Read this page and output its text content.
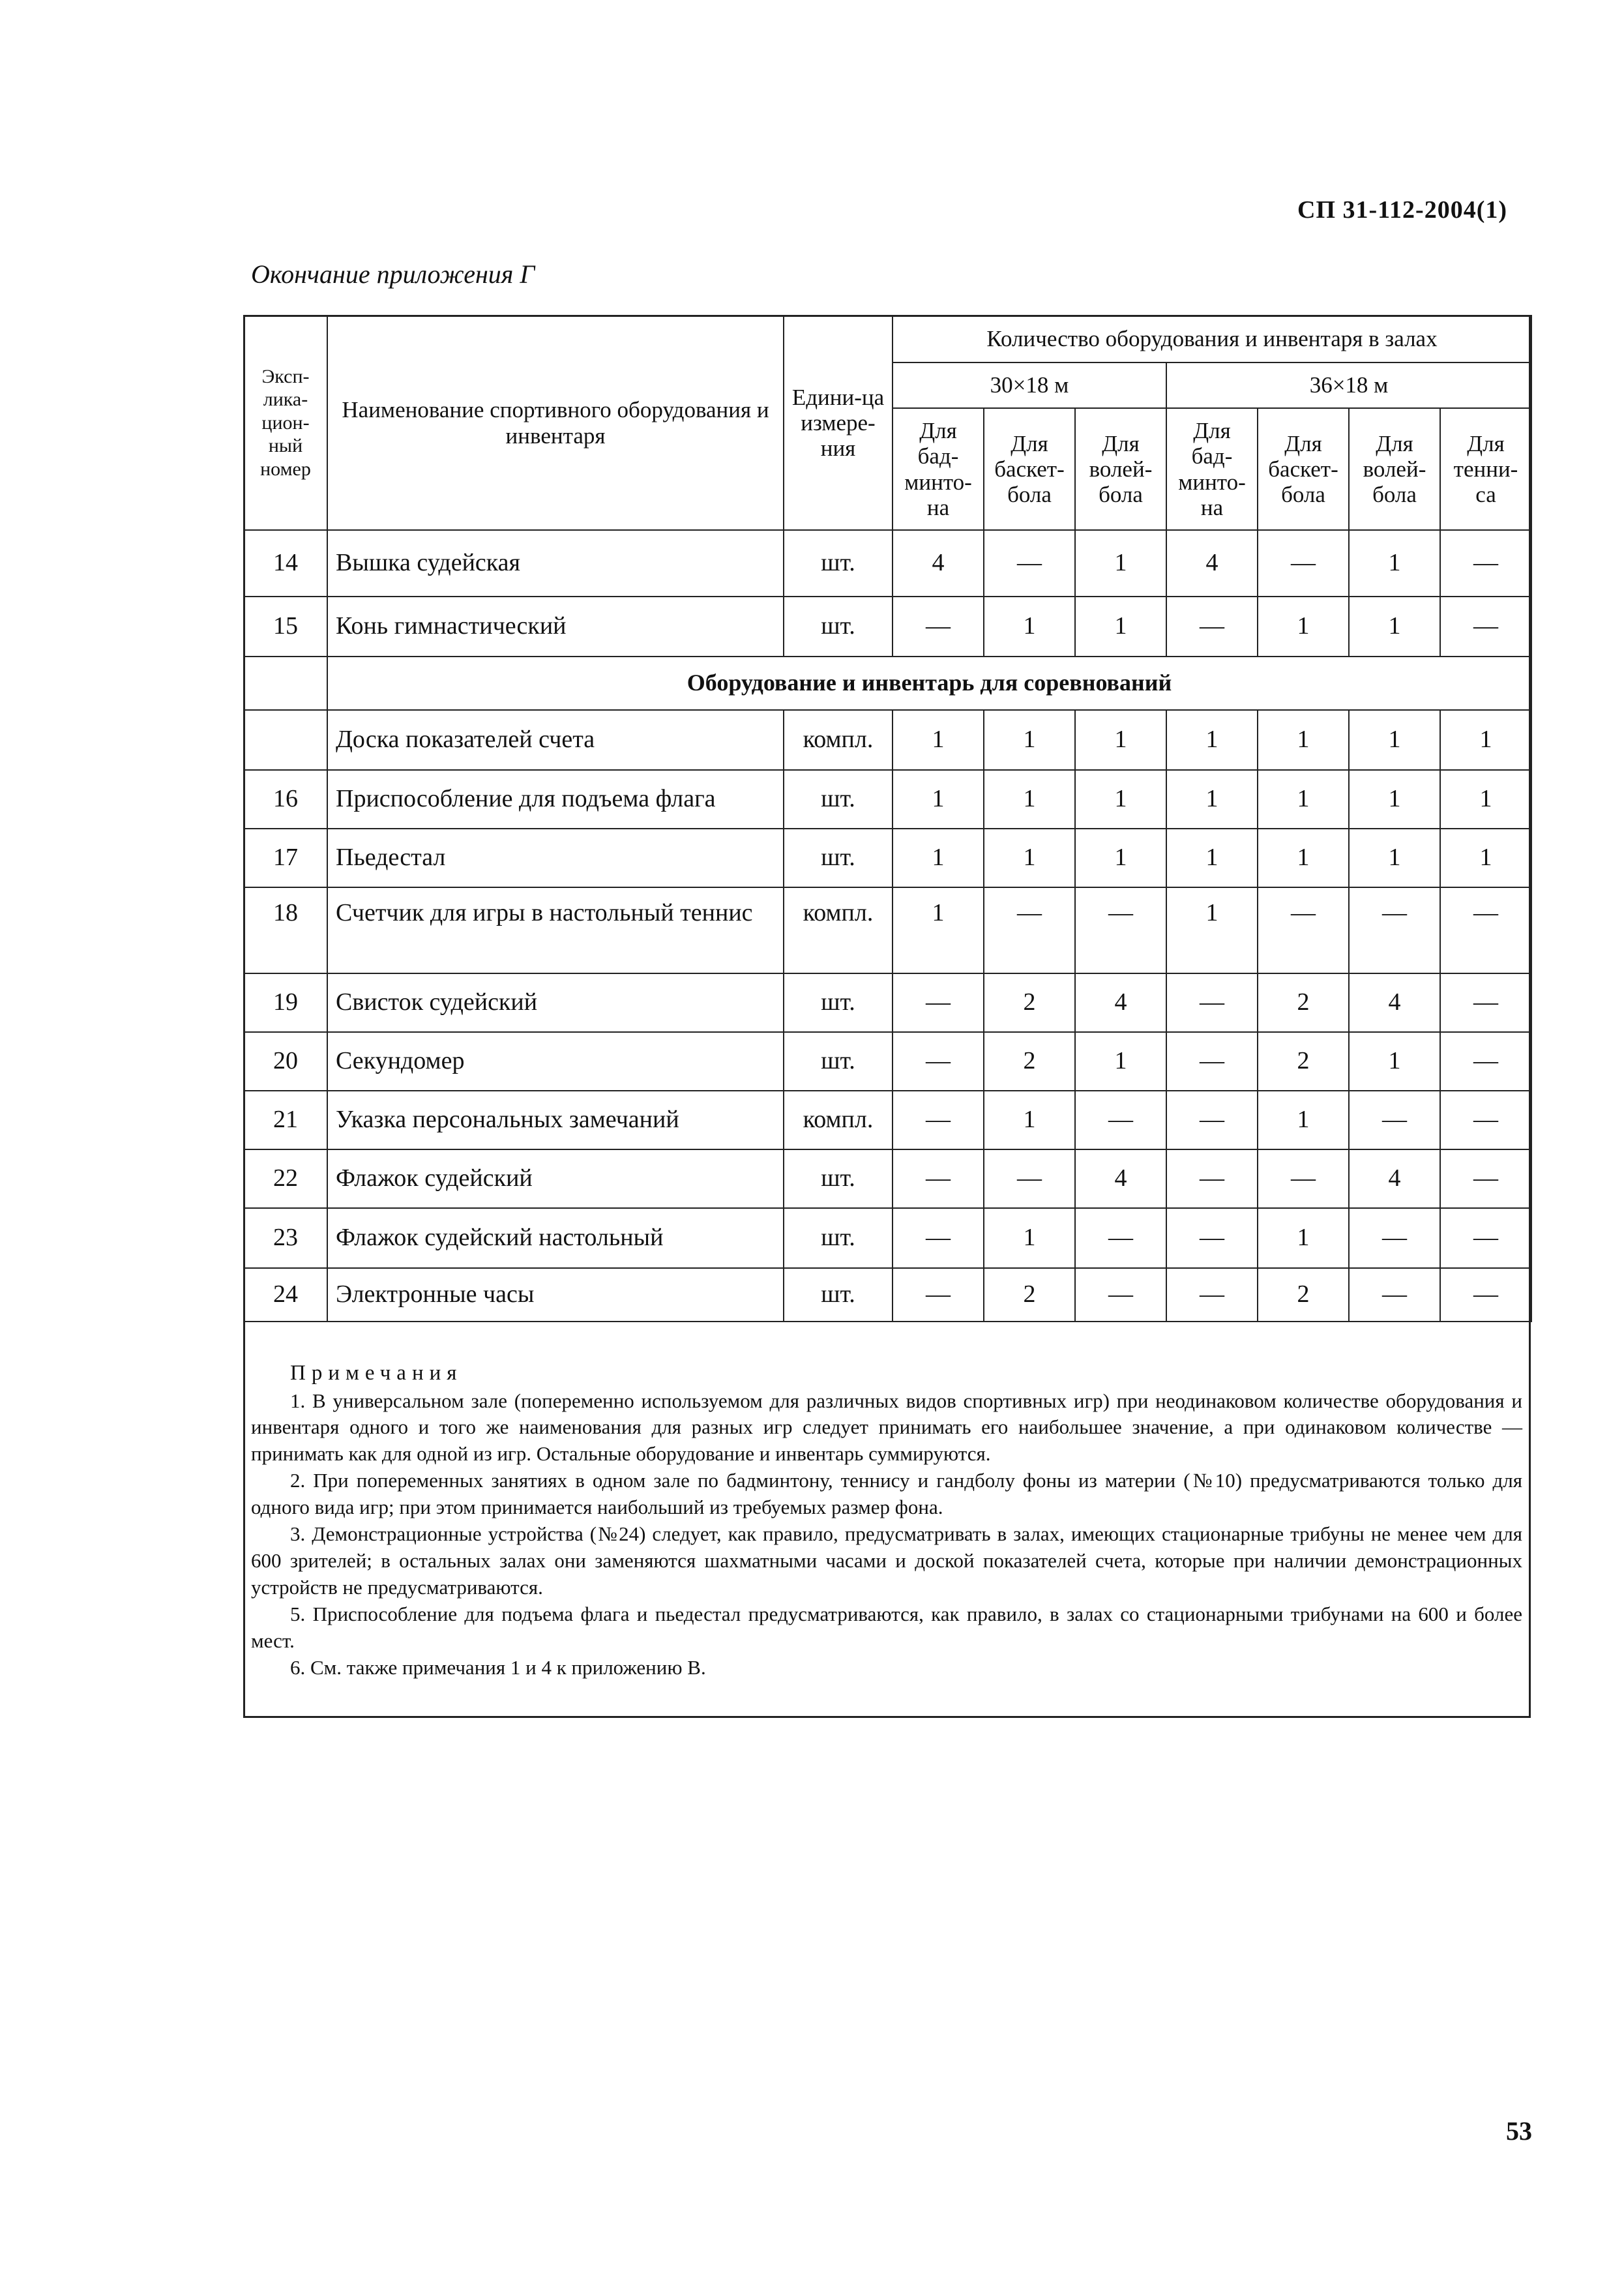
СП 31-112-2004(1)
Окончание приложения Г
Эксп-лика-цион-ный номер	Наименование спортивного оборудования и инвентаря	Едини-ца измере-ния	Количество оборудования и инвентаря в залах						
			30×18 м			36×18 м			
			Для бад-минто-на	Для баскет-бола	Для волей-бола	Для бад-минто-на	Для баскет-бола	Для волей-бола	Для тенни-са
14	Вышка судейская	шт.	4	—	1	4	—	1	—
15	Конь гимнастический	шт.	—	1	1	—	1	1	—
	Оборудование и инвентарь для соревнований								
	Доска показателей счета	компл.	1	1	1	1	1	1	1
16	Приспособление для подъема флага	шт.	1	1	1	1	1	1	1
17	Пьедестал	шт.	1	1	1	1	1	1	1
18	Счетчик для игры в настольный теннис	компл.	1	—	—	1	—	—	—
19	Свисток судейский	шт.	—	2	4	—	2	4	—
20	Секундомер	шт.	—	2	1	—	2	1	—
21	Указка персональных замечаний	компл.	—	1	—	—	1	—	—
22	Флажок судейский	шт.	—	—	4	—	—	4	—
23	Флажок судейский настольный	шт.	—	1	—	—	1	—	—
24	Электронные часы	шт.	—	2	—	—	2	—	—
Примечания

1. В универсальном зале (попеременно используемом для различных видов спортивных игр) при неодинаковом количестве оборудования и инвентаря одного и того же наименования для разных игр следует принимать его наибольшее значение, а при одинаковом количестве — принимать как для одной из игр. Остальные оборудование и инвентарь суммируются.

2. При попеременных занятиях в одном зале по бадминтону, теннису и гандболу фоны из материи (№10) предусматриваются только для одного вида игр; при этом принимается наибольший из требуемых размер фона.

3. Демонстрационные устройства (№24) следует, как правило, предусматривать в залах, имеющих стационарные трибуны не менее чем для 600 зрителей; в остальных залах они заменяются шахматными часами и доской показателей счета, которые при наличии демонстрационных устройств не предусматриваются.

5. Приспособление для подъема флага и пьедестал предусматриваются, как правило, в залах со стационарными трибунами на 600 и более мест.

6. См. также примечания 1 и 4 к приложению В.

53
